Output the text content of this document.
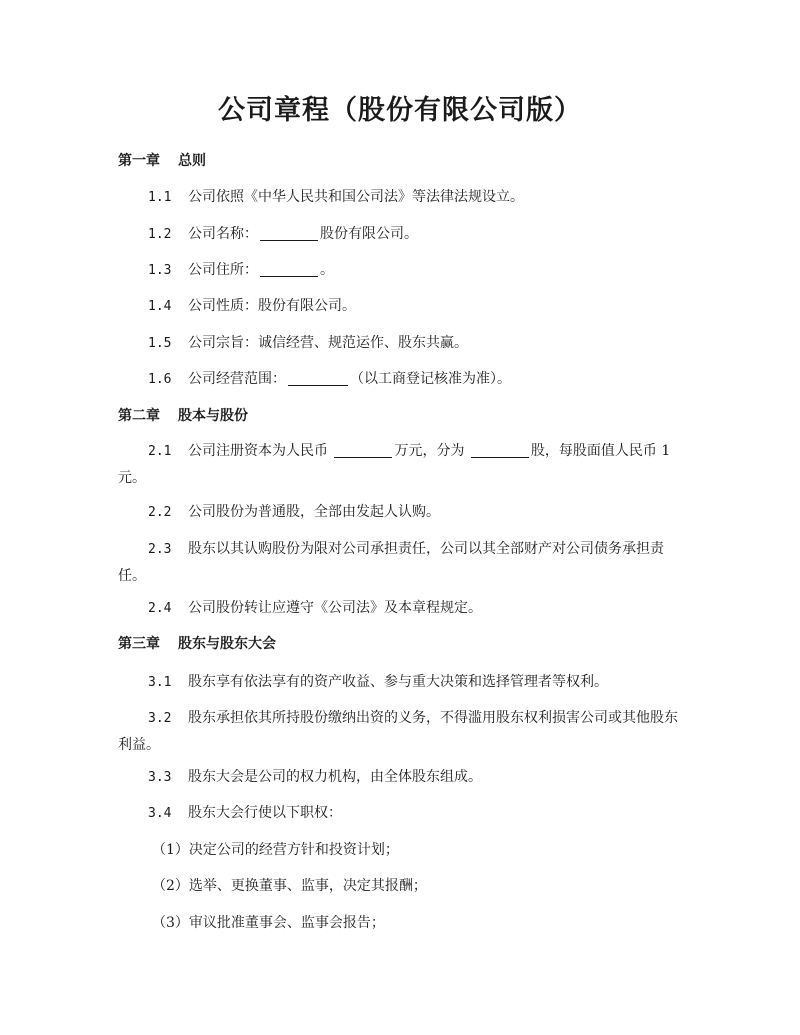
公司章程（股份有限公司版）
第一章 总则
1.1 公司依照《中华人民共和国公司法》等法律法规设立。
1.2 公司名称：	股份有限公司。
1.3 公司住所：	。
1.4 公司性质：股份有限公司。
1.5 公司宗旨：诚信经营、规范运作、股东共赢。
1.6 公司经营范围：	（以工商登记核准为准）。
第二章 股本与股份
2.1 公司注册资本为人民币	万元，分为	股，每股面值人民币 1 元。
2.2 公司股份为普通股，全部由发起人认购。
2.3 股东以其认购股份为限对公司承担责任，公司以其全部财产对公司债务承担责任。
2.4 公司股份转让应遵守《公司法》及本章程规定。
第三章 股东与股东大会
3.1 股东享有依法享有的资产收益、参与重大决策和选择管理者等权利。
3.2 股东承担依其所持股份缴纳出资的义务，不得滥用股东权利损害公司或其他股东利益。
3.3 股东大会是公司的权力机构，由全体股东组成。
3.4 股东大会行使以下职权：
（1）决定公司的经营方针和投资计划；
（2）选举、更换董事、监事，决定其报酬；
（3）审议批准董事会、监事会报告；
